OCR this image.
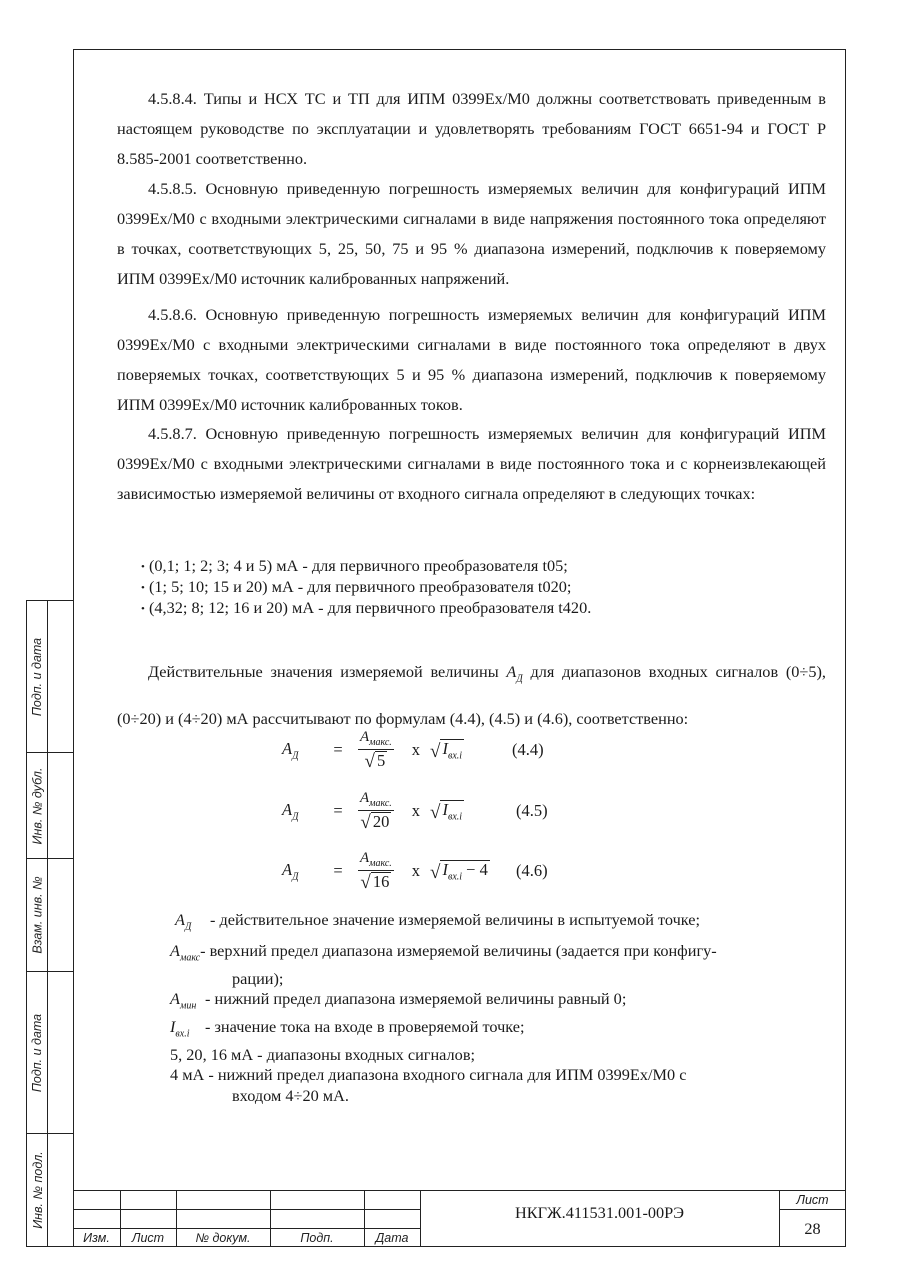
4.5.8.4. Типы и НСХ ТС и ТП для ИПМ 0399Ex/M0 должны соответствовать приведенным в настоящем руководстве по эксплуатации и удовлетворять требованиям ГОСТ 6651-94 и ГОСТ Р 8.585-2001 соответственно.

4.5.8.5. Основную приведенную погрешность измеряемых величин для конфигураций ИПМ 0399Ex/M0 с входными электрическими сигналами в виде напряжения постоянного тока определяют в точках, соответствующих 5, 25, 50, 75 и 95 % диапазона измерений, подключив к поверяемому ИПМ 0399Ex/M0 источник калиброванных напряжений.

4.5.8.6. Основную приведенную погрешность измеряемых величин для конфигураций ИПМ 0399Ex/M0 с входными электрическими сигналами в виде постоянного тока определяют в двух поверяемых точках, соответствующих 5 и 95 % диапазона измерений, подключив к поверяемому ИПМ 0399Ex/M0 источник калиброванных токов.

4.5.8.7. Основную приведенную погрешность измеряемых величин для конфигураций ИПМ 0399Ex/M0 с входными электрическими сигналами в виде постоянного тока и с корнеизвлекающей зависимостью измеряемой величины от входного сигнала определяют в следующих точках:

• (0,1; 1; 2; 3; 4 и 5) мА - для первичного преобразователя t05;
• (1; 5; 10; 15 и 20) мА - для первичного преобразователя t020;
• (4,32; 8; 12; 16 и 20) мА - для первичного преобразователя t420.

Действительные значения измеряемой величины $A_Д$ для диапазонов входных сигналов (0÷5), (0÷20) и (4÷20) мА рассчитывают по формулам (4.4), (4.5) и (4.6), соответственно:

$A_Д$	=	$\frac{A_{макс.}}{√ 5}$ x √ $I_{вх.i}$	(4.4)
$A_Д$	=	$\frac{A_{макс.}}{√ 20}$ x √ $I_{вх.i}$	(4.5)
$A_Д$	=	$\frac{A_{макс.}}{√ 16}$ x √ $I_{вх.i} - 4$ (4.6)
$A_Д$	- действительное значение измеряемой величины в испытуемой точке;
$A_{макс}$ - верхний предел диапазона измеряемой величины (задается при конфигу-
рации);
$A_{мин}$ - нижний предел диапазона измеряемой величины равный 0;
$I_{вх.i}$ - значение тока на входе в проверяемой точке;
5, 20, 16 мА - диапазоны входных сигналов;
4 мА - нижний предел диапазона входного сигнала для ИПМ 0399Ex/M0 с
входом 4÷20 мА.
Подп. и дата
Инв. № дубл.
Взам. инв. №
Подп. и дата
Инв. № подл.
Изм.	Лист	№ докум.	Подп.	Дата
НКГЖ.411531.001-00РЭ
Лист
28
